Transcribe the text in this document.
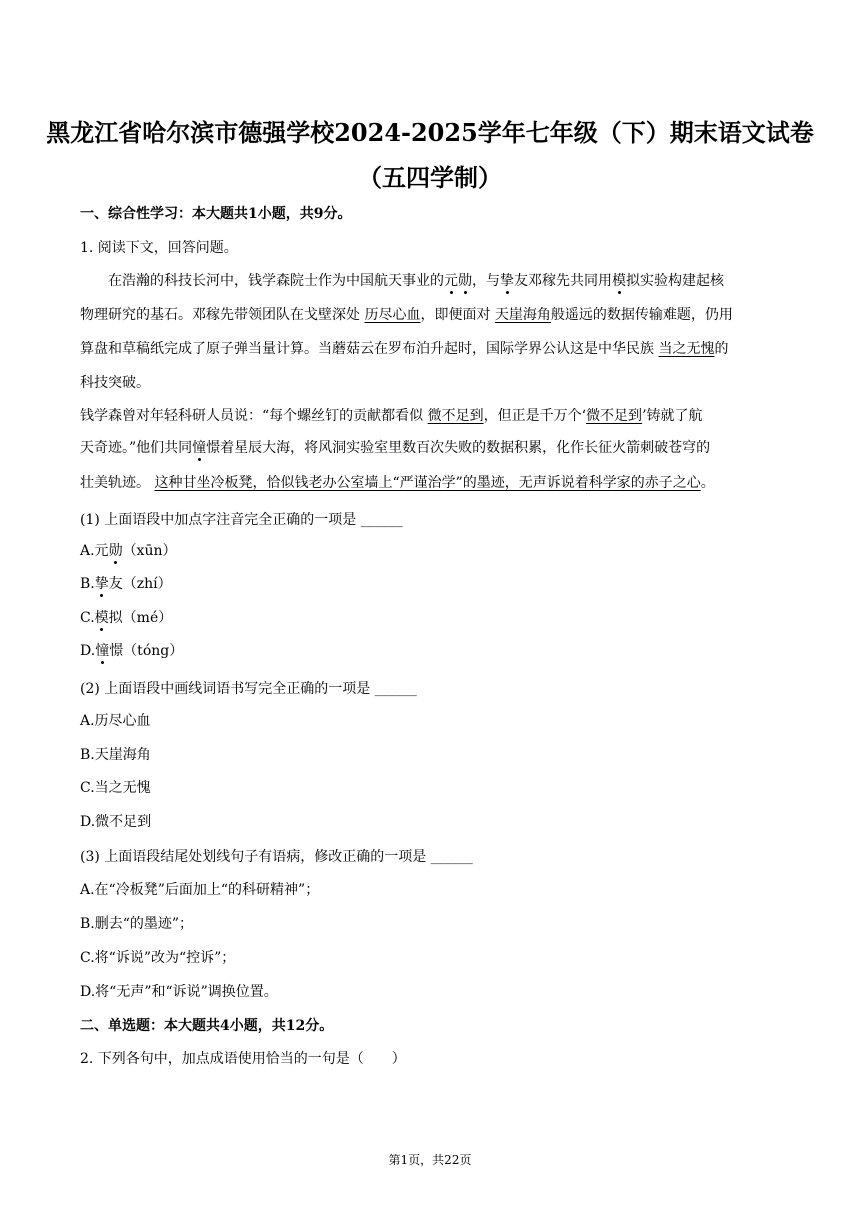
黑龙江省哈尔滨市德强学校2024-2025学年七年级（下）期末语文试卷
（五四学制）
一、综合性学习：本大题共1小题，共9分。
1. 阅读下文，回答问题。
在浩瀚的科技长河中，钱学森院士作为中国航天事业的元勋，与挚友邓稼先共同用模拟实验构建起核
物理研究的基石。邓稼先带领团队在戈壁深处 历尽心血，即便面对 天崖海角般遥远的数据传输难题，仍用
算盘和草稿纸完成了原子弹当量计算。当蘑菇云在罗布泊升起时，国际学界公认这是中华民族 当之无愧的
科技突破。
钱学森曾对年轻科研人员说：“每个螺丝钉的贡献都看似 微不足到，但正是千万个‘微不足到’铸就了航
天奇迹。”他们共同憧憬着星辰大海，将风洞实验室里数百次失败的数据积累，化作长征火箭刺破苍穹的
壮美轨迹。 这种甘坐冷板凳，恰似钱老办公室墙上“严谨治学”的墨迹，无声诉说着科学家的赤子之心。
(1) 上面语段中加点字注音完全正确的一项是 ______
A.元勋（xūn）
B.挚友（zhí）
C.模拟（mé）
D.憧憬（tóng）
(2) 上面语段中画线词语书写完全正确的一项是 ______
A.历尽心血
B.天崖海角
C.当之无愧
D.微不足到
(3) 上面语段结尾处划线句子有语病，修改正确的一项是 ______
A.在“冷板凳”后面加上“的科研精神”；
B.删去“的墨迹”；
C.将“诉说”改为“控诉”；
D.将“无声”和“诉说”调换位置。
二、单选题：本大题共4小题，共12分。
2. 下列各句中，加点成语使用恰当的一句是（　　）
第1页，共22页
